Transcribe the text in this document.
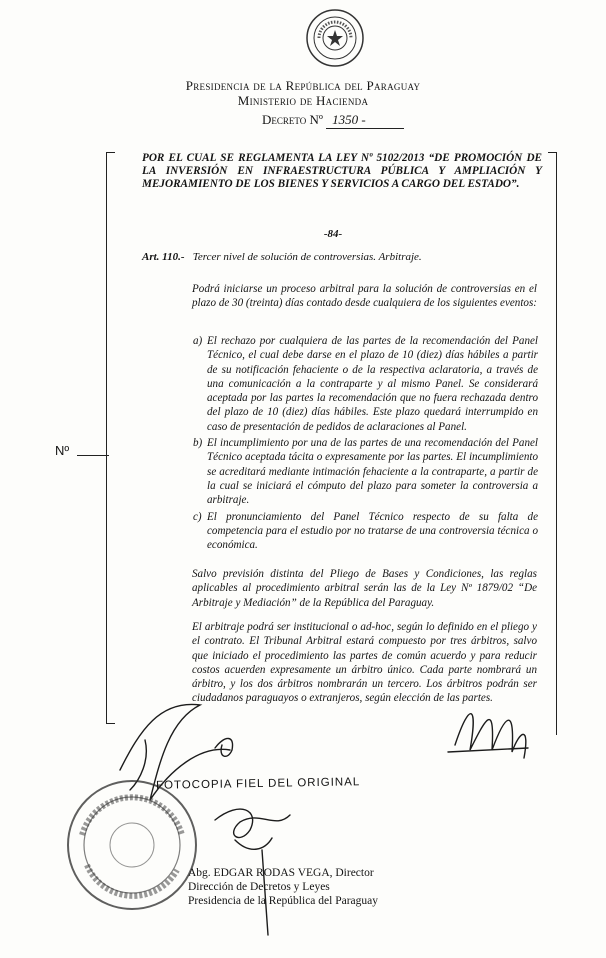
Presidencia de la República del Paraguay
Ministerio de Hacienda
Decreto Nº 1350 -
Nº
POR EL CUAL SE REGLAMENTA LA LEY Nº 5102/2013 “DE PROMOCIÓN DE LA INVERSIÓN EN INFRAESTRUCTURA PÚBLICA Y AMPLIACIÓN Y MEJORAMIENTO DE LOS BIENES Y SERVICIOS A CARGO DEL ESTADO”.
-84-
Art. 110.- Tercer nivel de solución de controversias. Arbitraje.
Podrá iniciarse un proceso arbitral para la solución de controversias en el plazo de 30 (treinta) días contado desde cualquiera de los siguientes eventos:
a) El rechazo por cualquiera de las partes de la recomendación del Panel Técnico, el cual debe darse en el plazo de 10 (diez) días hábiles a partir de su notificación fehaciente o de la respectiva aclaratoria, a través de una comunicación a la contraparte y al mismo Panel. Se considerará aceptada por las partes la recomendación que no fuera rechazada dentro del plazo de 10 (diez) días hábiles. Este plazo quedará interrumpido en caso de presentación de pedidos de aclaraciones al Panel.
b) El incumplimiento por una de las partes de una recomendación del Panel Técnico aceptada tácita o expresamente por las partes. El incumplimiento se acreditará mediante intimación fehaciente a la contraparte, a partir de la cual se iniciará el cómputo del plazo para someter la controversia a arbitraje.
c) El pronunciamiento del Panel Técnico respecto de su falta de competencia para el estudio por no tratarse de una controversia técnica o económica.
Salvo previsión distinta del Pliego de Bases y Condiciones, las reglas aplicables al procedimiento arbitral serán las de la Ley Nº 1879/02 “De Arbitraje y Mediación” de la República del Paraguay.
El arbitraje podrá ser institucional o ad-hoc, según lo definido en el pliego y el contrato. El Tribunal Arbitral estará compuesto por tres árbitros, salvo que iniciado el procedimiento las partes de común acuerdo y para reducir costos acuerden expresamente un árbitro único. Cada parte nombrará un árbitro, y los dos árbitros nombrarán un tercero. Los árbitros podrán ser ciudadanos paraguayos o extranjeros, según elección de las partes.
FOTOCOPIA FIEL DEL ORIGINAL
Abg. EDGAR RODAS VEGA, Director
Dirección de Decretos y Leyes
Presidencia de la República del Paraguay
